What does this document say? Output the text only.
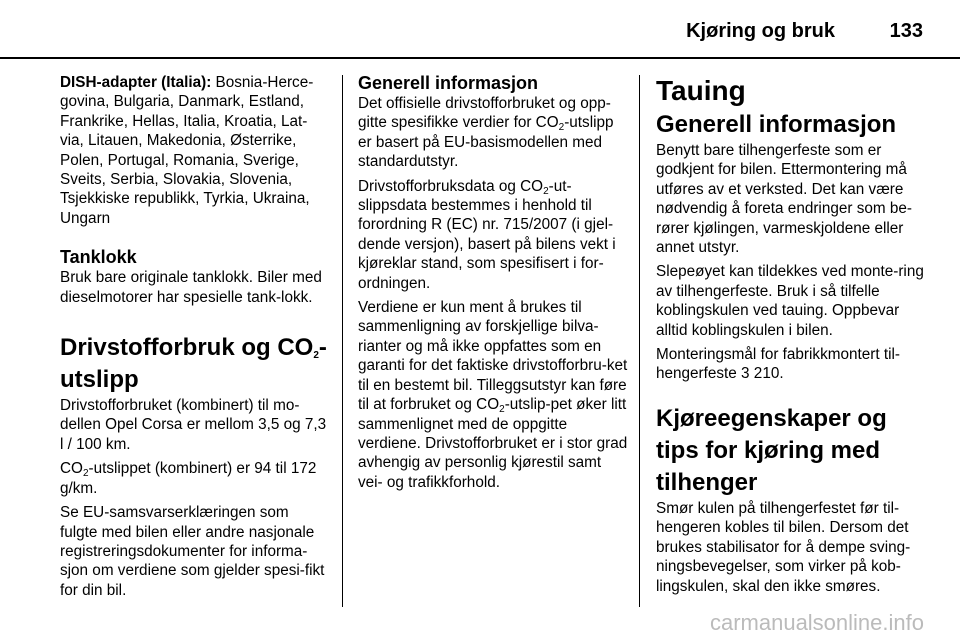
Kjøring og bruk	133

DISH-adapter (Italia): Bosnia-Herce-govina, Bulgaria, Danmark, Estland, Frankrike, Hellas, Italia, Kroatia, Lat-via, Litauen, Makedonia, Østerrike, Polen, Portugal, Romania, Sverige, Sveits, Serbia, Slovakia, Slovenia, Tsjekkiske republikk, Tyrkia, Ukraina, Ungarn

Tanklokk

Bruk bare originale tanklokk. Biler med dieselmotorer har spesielle tank-lokk.

Drivstofforbruk og $CO_2$-utslipp

Drivstofforbruket (kombinert) til mo-dellen Opel Corsa er mellom 3,5 og 7,3 l / 100 km.

$CO_2$-utslippet (kombinert) er 94 til 172 g/km.

Se EU-samsvarserklæringen som fulgte med bilen eller andre nasjonale registreringsdokumenter for informa-sjon om verdiene som gjelder spesi-fikt for din bil.

Generell informasjon

Det offisielle drivstofforbruket og opp-gitte spesifikke verdier for $CO_2$-utslipp er basert på EU-basismodellen med standardutstyr.

Drivstofforbruksdata og $CO_2-ut$-slippsdata bestemmes i henhold til forordning R (EC) nr. 715/2007 (i gjel-dende versjon), basert på bilens vekt i kjøreklar stand, som spesifisert i for-ordningen.

Verdiene er kun ment å brukes til sammenligning av forskjellige bilva-rianter og må ikke oppfattes som en garanti for det faktiske drivstofforbru-ket til en bestemt bil. Tilleggsutstyr kan føre til at forbruket og $CO_2-utslip$-pet øker litt sammenlignet med de oppgitte verdiene. Drivstofforbruket er i stor grad avhengig av personlig kjørestil samt vei- og trafikkforhold.

Tauing
Generell informasjon

Benytt bare tilhengerfeste som er godkjent for bilen. Ettermontering må utføres av et verksted. Det kan være nødvendig å foreta endringer som be-rører kjølingen, varmeskjoldene eller annet utstyr.

Slepeøyet kan tildekkes ved monte-ring av tilhengerfeste. Bruk i så tilfelle koblingskulen ved tauing. Oppbevar alltid koblingskulen i bilen.

Monteringsmål for fabrikkmontert til-hengerfeste 3 210.

Kjøreegenskaper og tips for kjøring med tilhenger

Smør kulen på tilhengerfestet før til-hengeren kobles til bilen. Dersom det brukes stabilisator for å dempe sving-ningsbevegelser, som virker på kob-lingskulen, skal den ikke smøres.

carmanualsonline.info
